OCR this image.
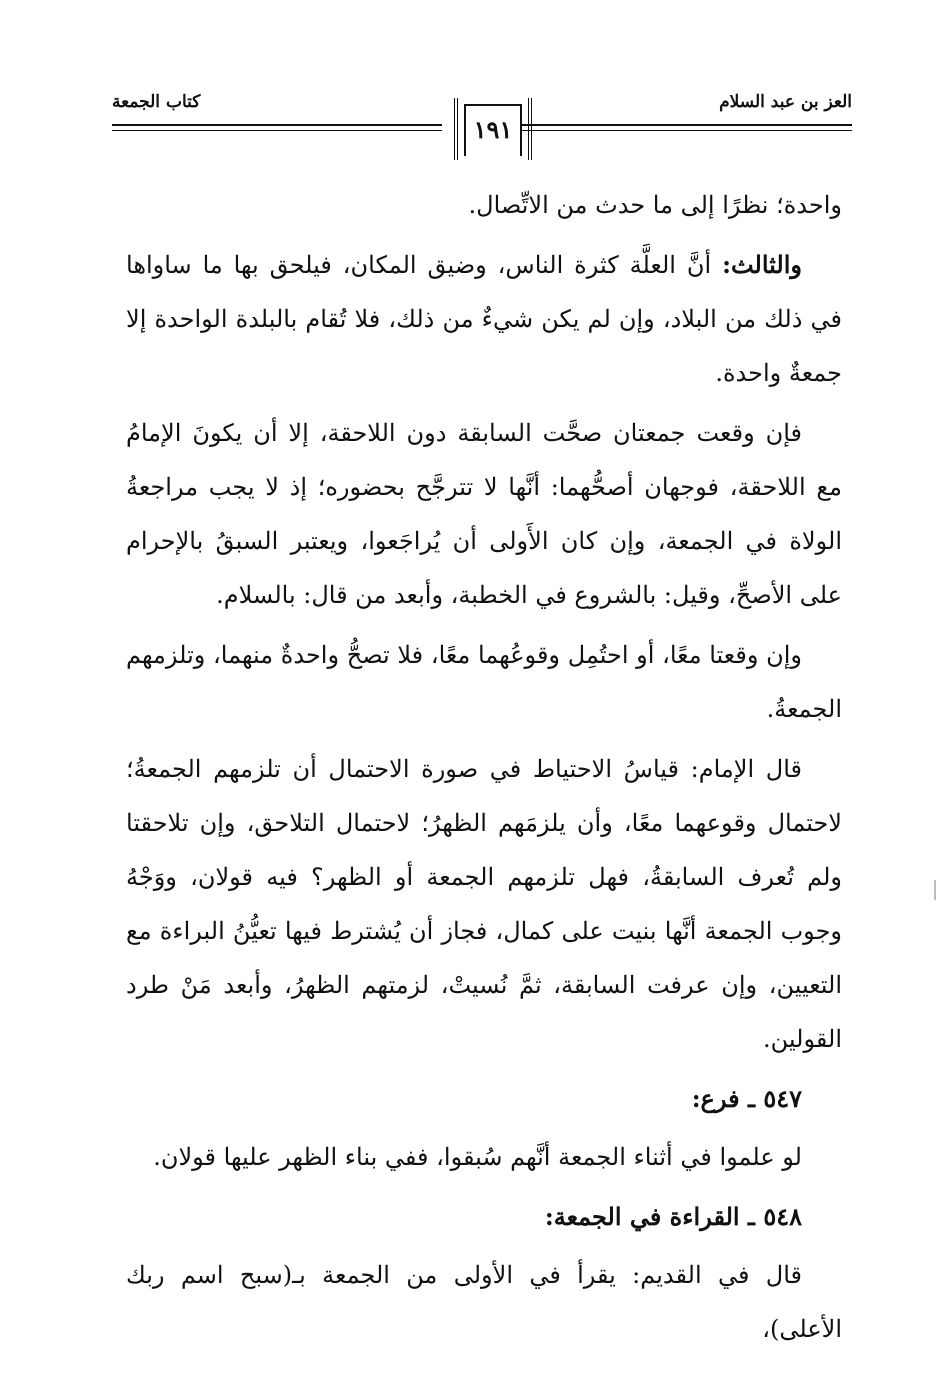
كتاب الجمعة	العز بن عبد السلام
١٩١

واحدة؛ نظرًا إلى ما حدث من الاتِّصال.

والثالث: أنَّ العلَّة كثرة الناس، وضيق المكان، فيلحق بها ما ساواها في ذلك من البلاد، وإن لم يكن شيءٌ من ذلك، فلا تُقام بالبلدة الواحدة إلا جمعةٌ واحدة.

فإن وقعت جمعتان صحَّت السابقة دون اللاحقة، إلا أن يكونَ الإمامُ مع اللاحقة، فوجهان أصحُّهما: أنَّها لا تترجَّح بحضوره؛ إذ لا يجب مراجعةُ الولاة في الجمعة، وإن كان الأَولى أن يُراجَعوا، ويعتبر السبقُ بالإحرام على الأصحِّ، وقيل: بالشروع في الخطبة، وأبعد من قال: بالسلام.

وإن وقعتا معًا، أو احتُمِل وقوعُهما معًا، فلا تصحُّ واحدةٌ منهما، وتلزمهم الجمعةُ.

قال الإمام: قياسُ الاحتياط في صورة الاحتمال أن تلزمهم الجمعةُ؛ لاحتمال وقوعهما معًا، وأن يلزمَهم الظهرُ؛ لاحتمال التلاحق، وإن تلاحقتا ولم تُعرف السابقةُ، فهل تلزمهم الجمعة أو الظهر؟ فيه قولان، ووَجْهُ وجوب الجمعة أنَّها بنيت على كمال، فجاز أن يُشترط فيها تعيُّنُ البراءة مع التعيين، وإن عرفت السابقة، ثمَّ نُسيتْ، لزمتهم الظهرُ، وأبعد مَنْ طرد القولين.

٥٤٧ ـ فرع:

لو علموا في أثناء الجمعة أنَّهم سُبقوا، ففي بناء الظهر عليها قولان.

٥٤٨ ـ القراءة في الجمعة:

قال في القديم: يقرأ في الأولى من الجمعة بـ(سبح اسم ربك الأعلى)،
